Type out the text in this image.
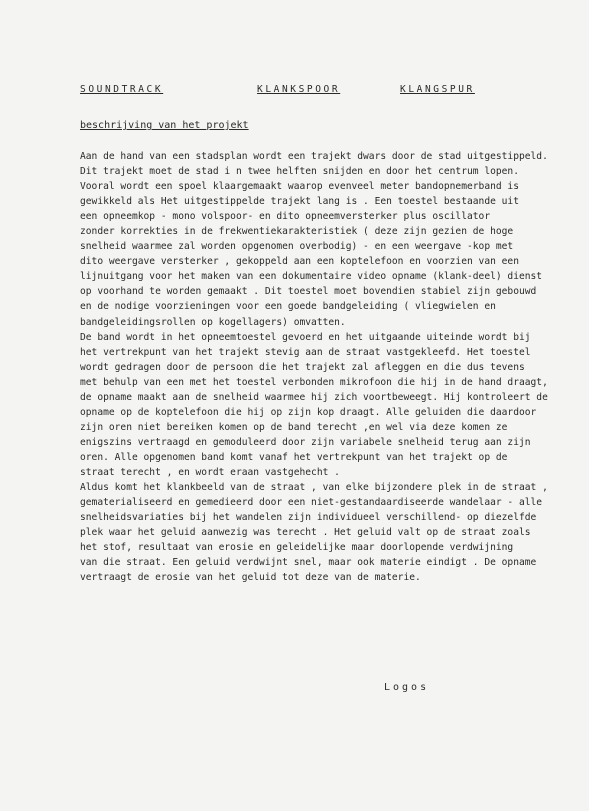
SOUNDTRACK	KLANKSPOOR	KLANGSPUR
beschrijving van het projekt
Aan de hand van een stadsplan wordt een trajekt dwars door de stad uitgestippeld.
Dit trajekt moet de stad i n twee helften snijden en door het centrum lopen.
Vooral wordt een spoel klaargemaakt waarop evenveel meter bandopnemerband is
gewikkeld als Het uitgestippelde trajekt lang is . Een toestel bestaande uit
een opneemkop - mono volspoor- en dito opneemversterker plus oscillator
zonder korrekties in de frekwentiekarakteristiek ( deze zijn gezien de hoge
snelheid waarmee zal worden opgenomen overbodig) - en een weergave -kop met
dito weergave versterker , gekoppeld aan een koptelefoon en voorzien van een
lijnuitgang voor het maken van een dokumentaire video opname (klank-deel) dienst
op voorhand te worden gemaakt . Dit toestel moet bovendien stabiel zijn gebouwd
en de nodige voorzieningen voor een goede bandgeleiding ( vliegwielen en
bandgeleidingsrollen op kogellagers) omvatten.
De band wordt in het opneemtoestel gevoerd en het uitgaande uiteinde wordt bij
het vertrekpunt van het trajekt stevig aan de straat vastgekleefd. Het toestel
wordt gedragen door de persoon die het trajekt zal afleggen en die dus tevens
met behulp van een met het toestel verbonden mikrofoon die hij in de hand draagt,
de opname maakt aan de snelheid waarmee hij zich voortbeweegt. Hij kontroleert de
opname op de koptelefoon die hij op zijn kop draagt. Alle geluiden die daardoor
zijn oren niet bereiken komen op de band terecht ,en wel via deze komen ze
enigszins vertraagd en gemoduleerd door zijn variabele snelheid terug aan zijn
oren. Alle opgenomen band komt vanaf het vertrekpunt van het trajekt op de
straat terecht , en wordt eraan vastgehecht .
Aldus komt het klankbeeld van de straat , van elke bijzondere plek in de straat ,
gematerialiseerd en gemedieerd door een niet-gestandaardiseerde wandelaar - alle
snelheidsvariaties bij het wandelen zijn individueel verschillend- op diezelfde
plek waar het geluid aanwezig was terecht . Het geluid valt op de straat zoals
het stof, resultaat van erosie en geleidelijke maar doorlopende verdwijning
van die straat. Een geluid verdwijnt snel, maar ook materie eindigt . De opname
vertraagt de erosie van het geluid tot deze van de materie.
Logos
